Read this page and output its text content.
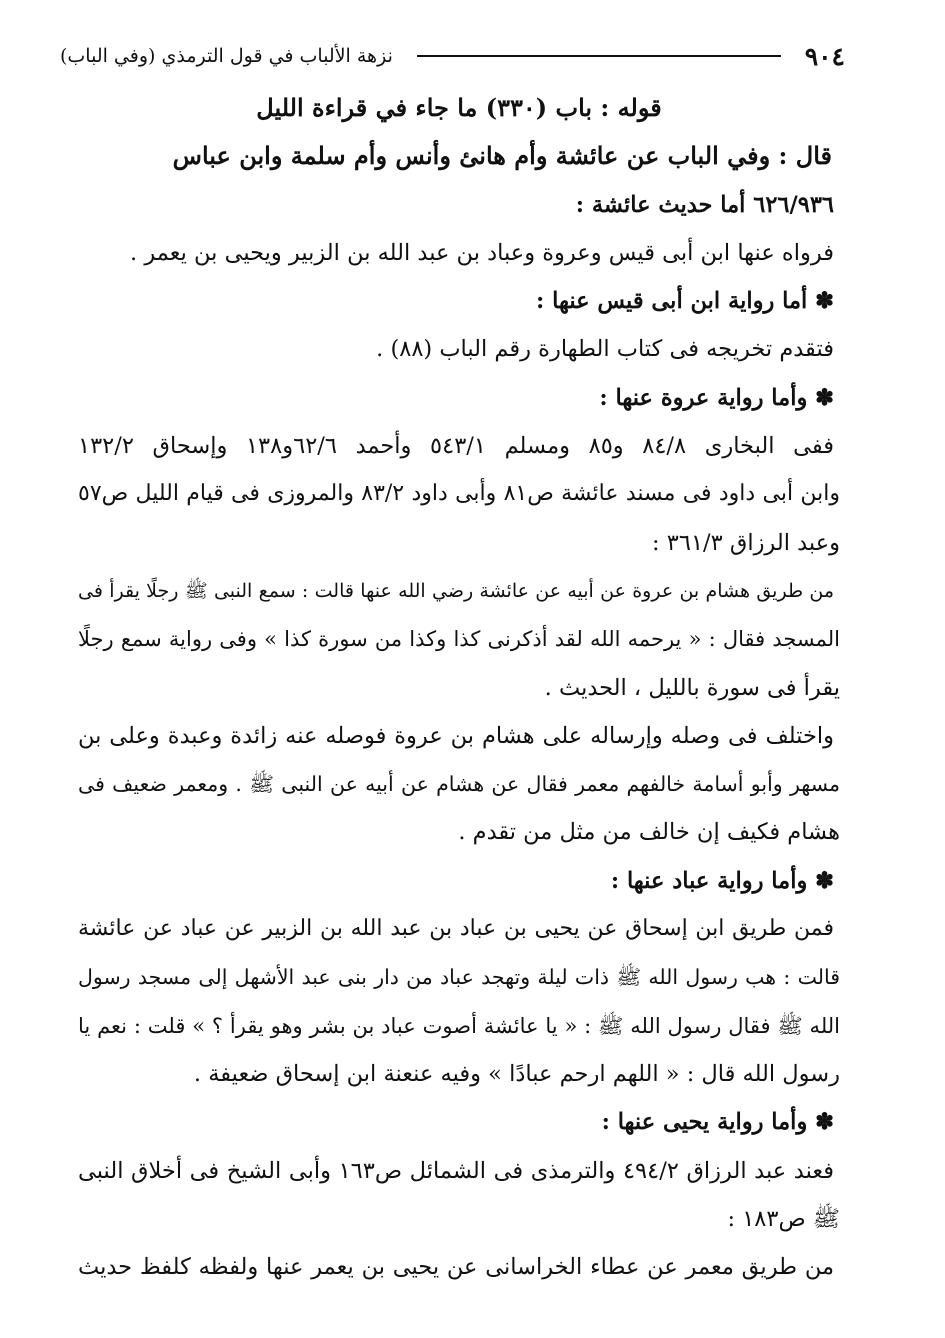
٩٠٤
نزهة الألباب في قول الترمذي (وفي الباب)
قوله : باب (٣٣٠) ما جاء في قراءة الليل
قال : وفي الباب عن عائشة وأم هانئ وأنس وأم سلمة وابن عباس
٦٢٦/٩٣٦ أما حديث عائشة :
فرواه عنها ابن أبى قيس وعروة وعباد بن عبد الله بن الزبير ويحيى بن يعمر .
✽ أما رواية ابن أبى قيس عنها :
فتقدم تخريجه فى كتاب الطهارة رقم الباب (٨٨) .
✽ وأما رواية عروة عنها :
ففى البخارى ٨٤/٨ و٨٥ ومسلم ٥٤٣/١ وأحمد ٦٢/٦و١٣٨ وإسحاق ١٣٢/٢
وابن أبى داود فى مسند عائشة ص٨١ وأبى داود ٨٣/٢ والمروزى فى قيام الليل ص٥٧
وعبد الرزاق ٣٦١/٣ :
من طريق هشام بن عروة عن أبيه عن عائشة رضي الله عنها قالت : سمع النبى ﷺ رجلًا يقرأ فى
المسجد فقال : « يرحمه الله لقد أذكرنى كذا وكذا من سورة كذا » وفى رواية سمع رجلًا
يقرأ فى سورة بالليل ، الحديث .
واختلف فى وصله وإرساله على هشام بن عروة فوصله عنه زائدة وعبدة وعلى بن
مسهر وأبو أسامة خالفهم معمر فقال عن هشام عن أبيه عن النبى ﷺ . ومعمر ضعيف فى
هشام فكيف إن خالف من مثل من تقدم .
✽ وأما رواية عباد عنها :
فمن طريق ابن إسحاق عن يحيى بن عباد بن عبد الله بن الزبير عن عباد عن عائشة
قالت : هب رسول الله ﷺ ذات ليلة وتهجد عباد من دار بنى عبد الأشهل إلى مسجد رسول
الله ﷺ فقال رسول الله ﷺ : « يا عائشة أصوت عباد بن بشر وهو يقرأ ؟ » قلت : نعم يا
رسول الله قال : « اللهم ارحم عبادًا » وفيه عنعنة ابن إسحاق ضعيفة .
✽ وأما رواية يحيى عنها :
فعند عبد الرزاق ٤٩٤/٢ والترمذى فى الشمائل ص١٦٣ وأبى الشيخ فى أخلاق النبى
ﷺ ص١٨٣ :
من طريق معمر عن عطاء الخراسانى عن يحيى بن يعمر عنها ولفظه كلفظ حديث
